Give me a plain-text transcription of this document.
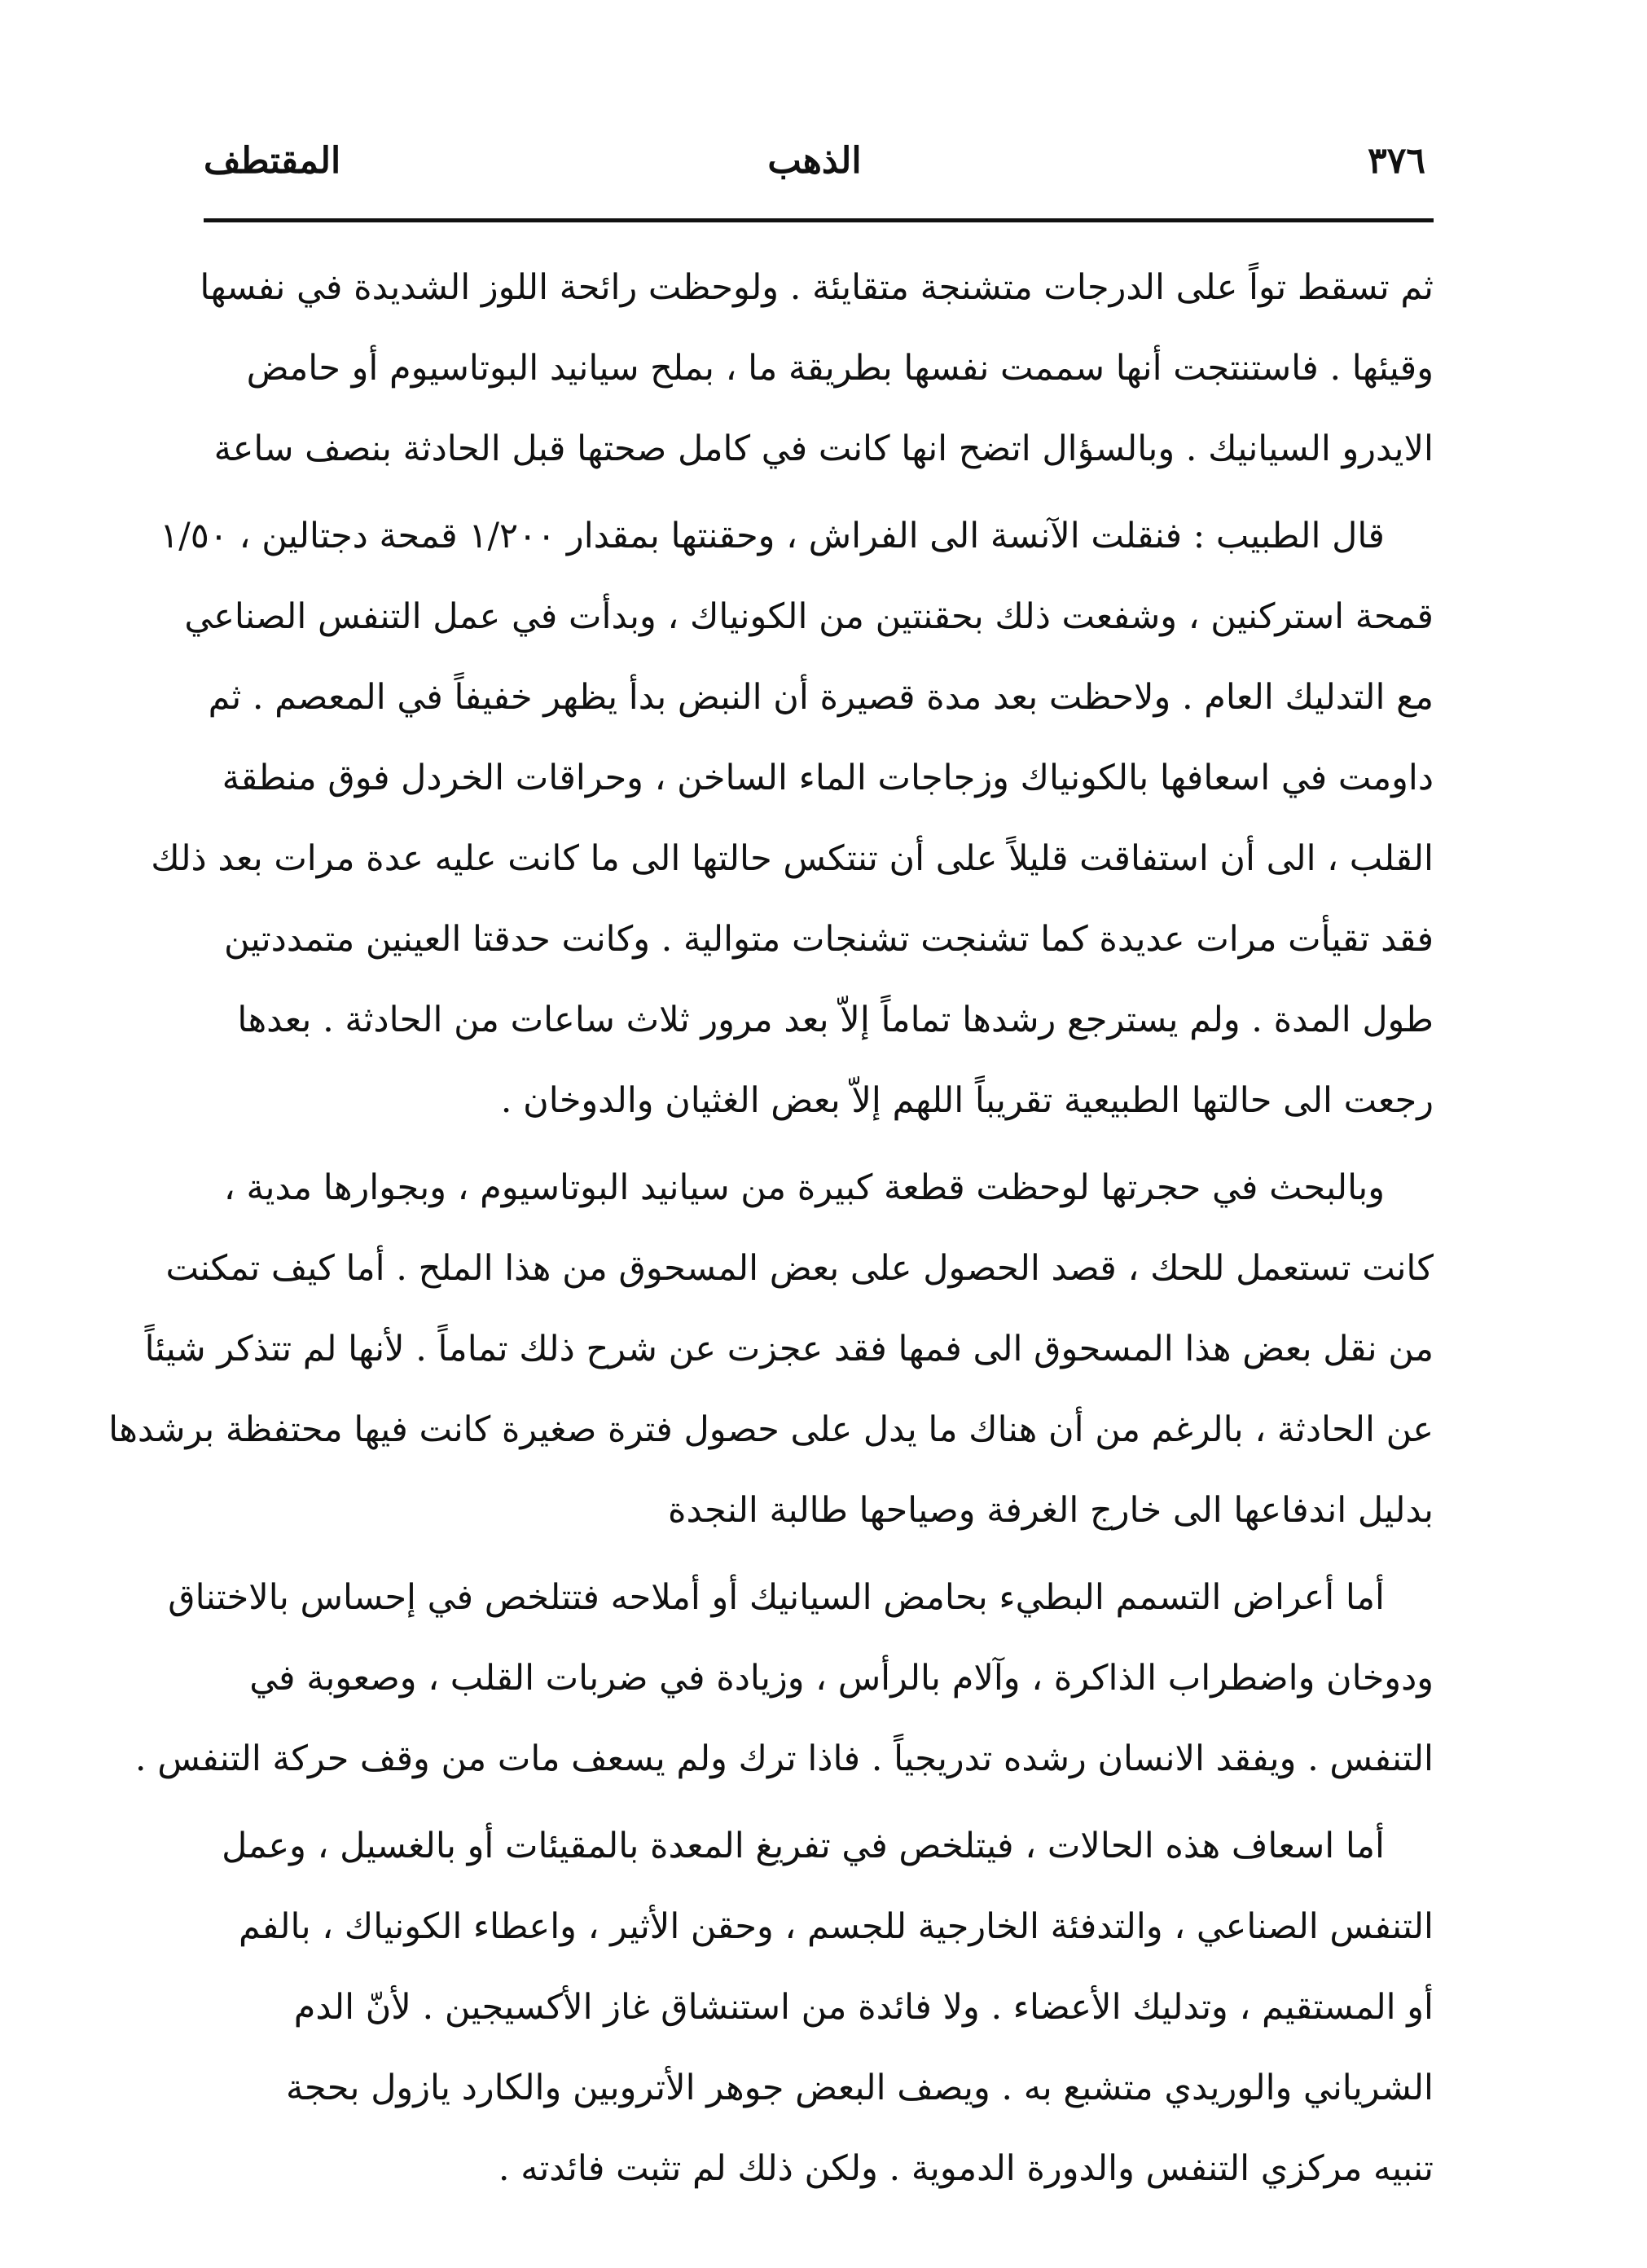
٣٧٦
الذهب
المقتطف

ثم تسقط تواً على الدرجات متشنجة متقايئة . ولوحظت رائحة اللوز الشديدة في نفسها
وقيئها . فاستنتجت أنها سممت نفسها بطريقة ما ، بملح سيانيد البوتاسيوم أو حامض
الايدرو السيانيك . وبالسؤال اتضح انها كانت في كامل صحتها قبل الحادثة بنصف ساعة

قال الطبيب : فنقلت الآنسة الى الفراش ، وحقنتها بمقدار ١/٢٠٠ قمحة دجتالين ، ١/٥٠
قمحة استركنين ، وشفعت ذلك بحقنتين من الكونياك ، وبدأت في عمل التنفس الصناعي
مع التدليك العام . ولاحظت بعد مدة قصيرة أن النبض بدأ يظهر خفيفاً في المعصم . ثم
داومت في اسعافها بالكونياك وزجاجات الماء الساخن ، وحراقات الخردل فوق منطقة
القلب ، الى أن استفاقت قليلاً على أن تنتكس حالتها الى ما كانت عليه عدة مرات بعد ذلك
فقد تقيأت مرات عديدة كما تشنجت تشنجات متوالية . وكانت حدقتا العينين متمددتين
طول المدة . ولم يسترجع رشدها تماماً إلاّ بعد مرور ثلاث ساعات من الحادثة . بعدها
رجعت الى حالتها الطبيعية تقريباً اللهم إلاّ بعض الغثيان والدوخان .

وبالبحث في حجرتها لوحظت قطعة كبيرة من سيانيد البوتاسيوم ، وبجوارها مدية ،
كانت تستعمل للحك ، قصد الحصول على بعض المسحوق من هذا الملح . أما كيف تمكنت
من نقل بعض هذا المسحوق الى فمها فقد عجزت عن شرح ذلك تماماً . لأنها لم تتذكر شيئاً
عن الحادثة ، بالرغم من أن هناك ما يدل على حصول فترة صغيرة كانت فيها محتفظة برشدها
بدليل اندفاعها الى خارج الغرفة وصياحها طالبة النجدة

أما أعراض التسمم البطيء بحامض السيانيك أو أملاحه فتتلخص في إحساس بالاختناق
ودوخان واضطراب الذاكرة ، وآلام بالرأس ، وزيادة في ضربات القلب ، وصعوبة في
التنفس . ويفقد الانسان رشده تدريجياً . فاذا ترك ولم يسعف مات من وقف حركة التنفس .

أما اسعاف هذه الحالات ، فيتلخص في تفريغ المعدة بالمقيئات أو بالغسيل ، وعمل
التنفس الصناعي ، والتدفئة الخارجية للجسم ، وحقن الأثير ، واعطاء الكونياك ، بالفم
أو المستقيم ، وتدليك الأعضاء . ولا فائدة من استنشاق غاز الأكسيجين . لأنّ الدم
الشرياني والوريدي متشبع به . ويصف البعض جوهر الأتروبين والكارد يازول بحجة
تنبيه مركزي التنفس والدورة الدموية . ولكن ذلك لم تثبت فائدته .
